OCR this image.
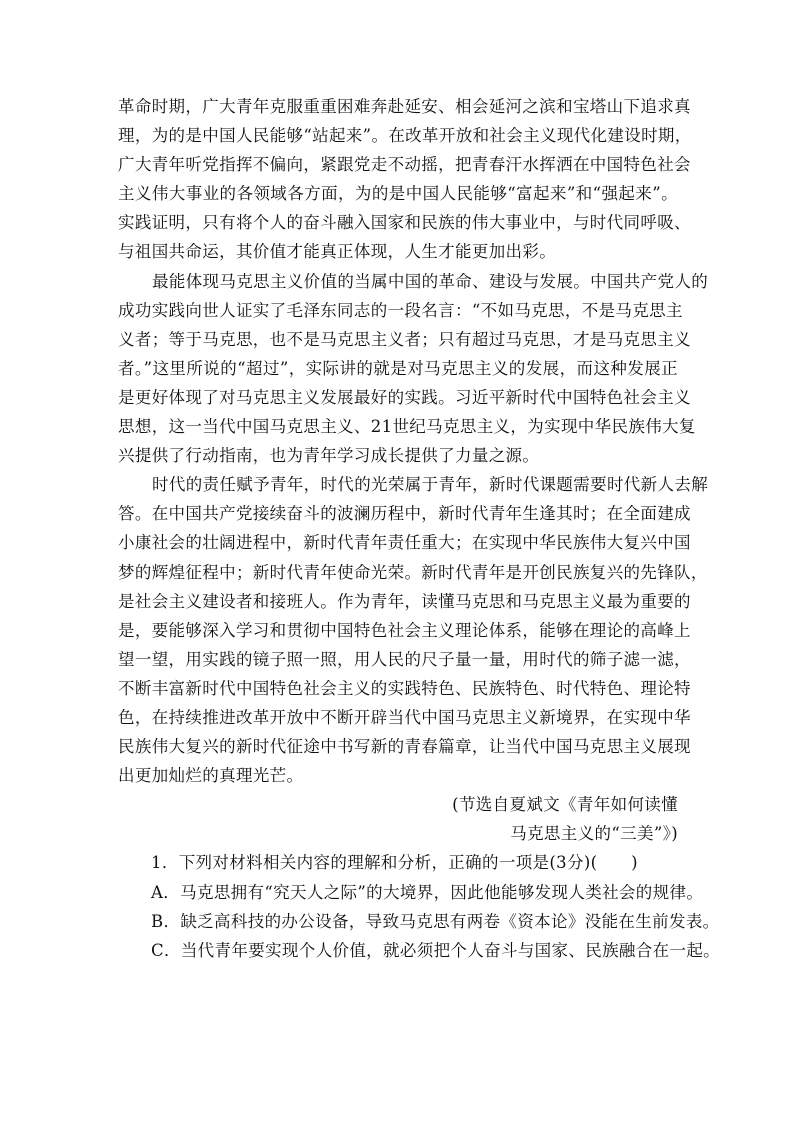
革命时期，广大青年克服重重困难奔赴延安、相会延河之滨和宝塔山下追求真
理，为的是中国人民能够“站起来”。在改革开放和社会主义现代化建设时期，
广大青年听党指挥不偏向，紧跟党走不动摇，把青春汗水挥洒在中国特色社会
主义伟大事业的各领域各方面，为的是中国人民能够“富起来”和“强起来”。
实践证明，只有将个人的奋斗融入国家和民族的伟大事业中，与时代同呼吸、
与祖国共命运，其价值才能真正体现，人生才能更加出彩。
最能体现马克思主义价值的当属中国的革命、建设与发展。中国共产党人的
成功实践向世人证实了毛泽东同志的一段名言：“不如马克思，不是马克思主
义者；等于马克思，也不是马克思主义者；只有超过马克思，才是马克思主义
者。”这里所说的“超过”，实际讲的就是对马克思主义的发展，而这种发展正
是更好体现了对马克思主义发展最好的实践。习近平新时代中国特色社会主义
思想，这一当代中国马克思主义、21世纪马克思主义，为实现中华民族伟大复
兴提供了行动指南，也为青年学习成长提供了力量之源。
时代的责任赋予青年，时代的光荣属于青年，新时代课题需要时代新人去解
答。在中国共产党接续奋斗的波澜历程中，新时代青年生逢其时；在全面建成
小康社会的壮阔进程中，新时代青年责任重大；在实现中华民族伟大复兴中国
梦的辉煌征程中；新时代青年使命光荣。新时代青年是开创民族复兴的先锋队，
是社会主义建设者和接班人。作为青年，读懂马克思和马克思主义最为重要的
是，要能够深入学习和贯彻中国特色社会主义理论体系，能够在理论的高峰上
望一望，用实践的镜子照一照，用人民的尺子量一量，用时代的筛子滤一滤，
不断丰富新时代中国特色社会主义的实践特色、民族特色、时代特色、理论特
色，在持续推进改革开放中不断开辟当代中国马克思主义新境界，在实现中华
民族伟大复兴的新时代征途中书写新的青春篇章，让当代中国马克思主义展现
出更加灿烂的真理光芒。
(节选自夏斌文《青年如何读懂
马克思主义的“三美”》)
1．下列对材料相关内容的理解和分析，正确的一项是(3分)(　　)
A．马克思拥有“究天人之际”的大境界，因此他能够发现人类社会的规律。
B．缺乏高科技的办公设备，导致马克思有两卷《资本论》没能在生前发表。
C．当代青年要实现个人价值，就必须把个人奋斗与国家、民族融合在一起。
